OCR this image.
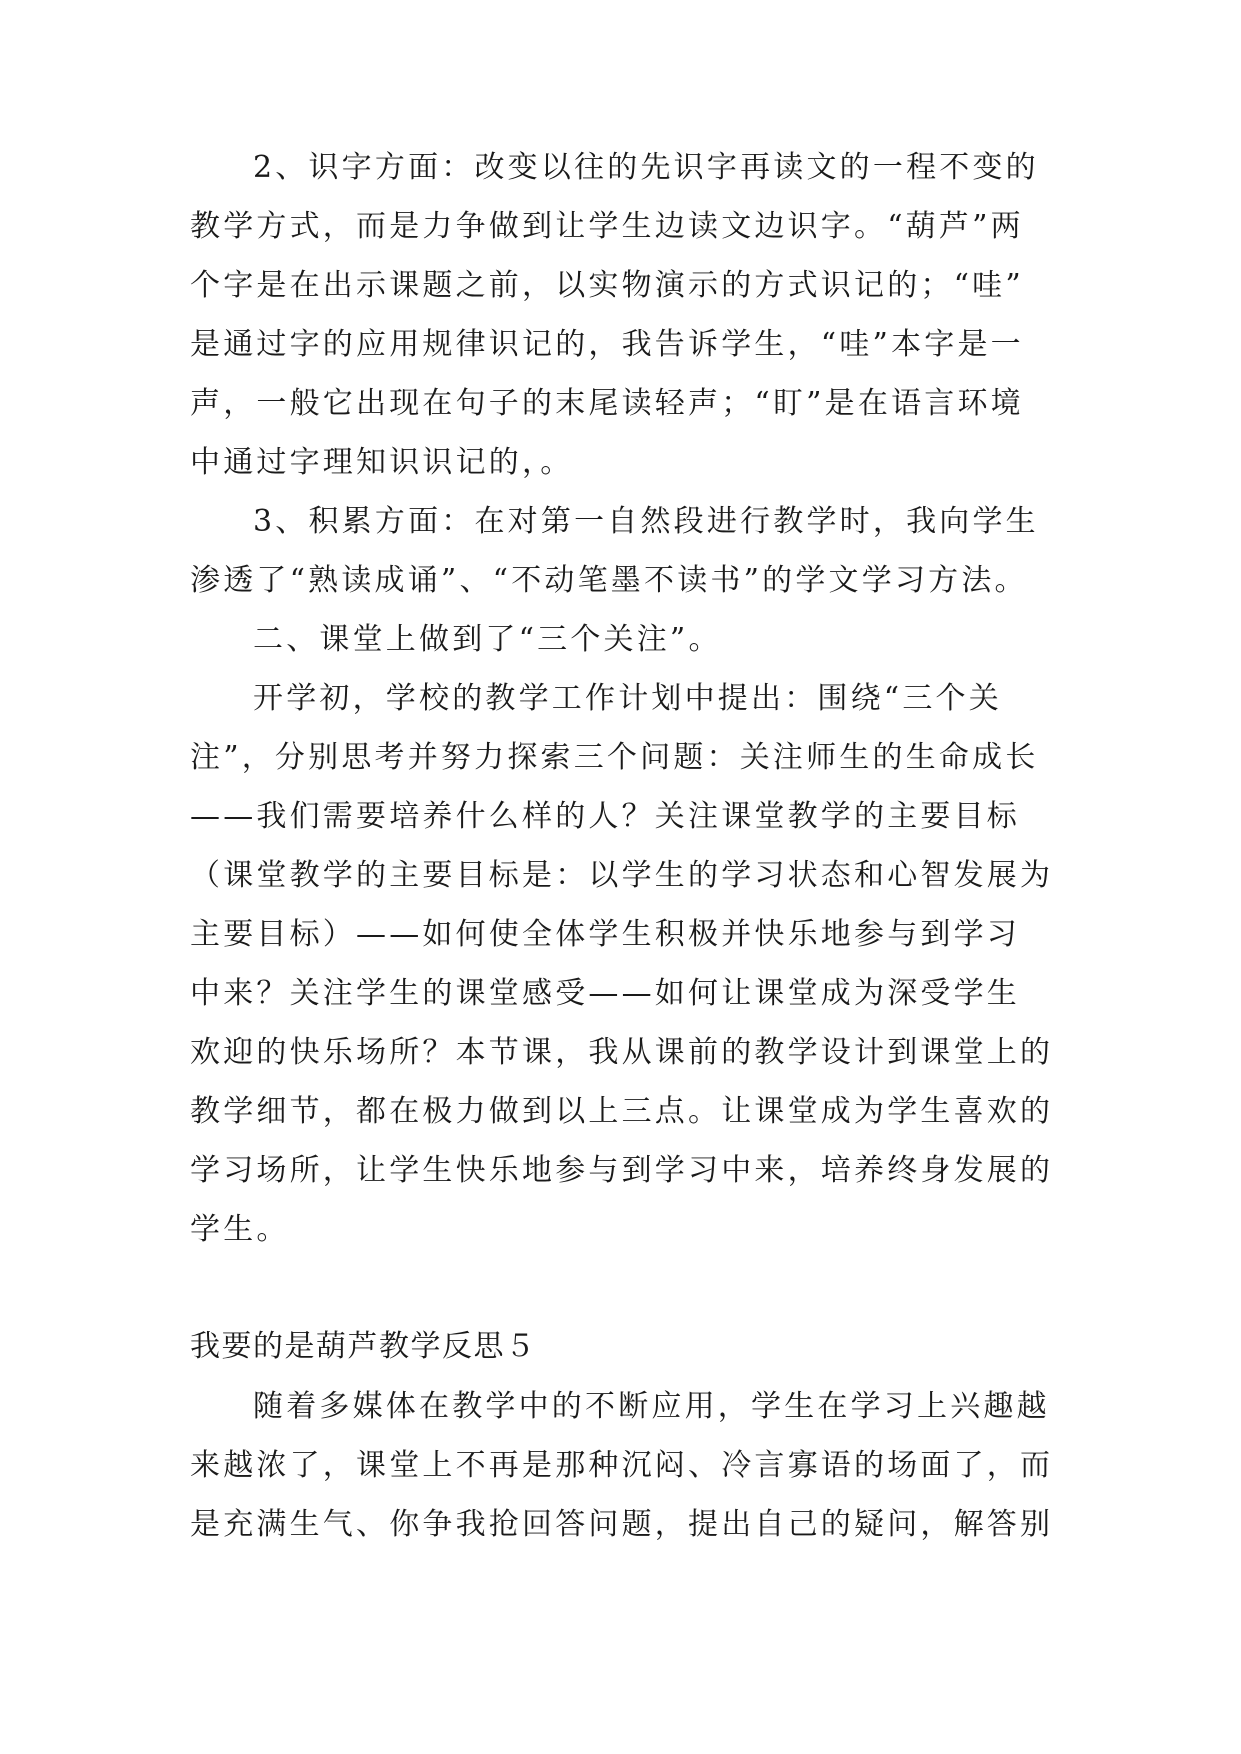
2、识字方面：改变以往的先识字再读文的一程不变的
教学方式，而是力争做到让学生边读文边识字。“葫芦”两
个字是在出示课题之前，以实物演示的方式识记的；“哇”
是通过字的应用规律识记的，我告诉学生，“哇”本字是一
声，一般它出现在句子的末尾读轻声；“盯”是在语言环境
中通过字理知识识记的，。
3、积累方面：在对第一自然段进行教学时，我向学生
渗透了“熟读成诵”、“不动笔墨不读书”的学文学习方法。
二、课堂上做到了“三个关注”。
开学初，学校的教学工作计划中提出：围绕“三个关
注”，分别思考并努力探索三个问题：关注师生的生命成长
——我们需要培养什么样的人？关注课堂教学的主要目标
（课堂教学的主要目标是：以学生的学习状态和心智发展为
主要目标）——如何使全体学生积极并快乐地参与到学习
中来？关注学生的课堂感受——如何让课堂成为深受学生
欢迎的快乐场所？本节课，我从课前的教学设计到课堂上的
教学细节，都在极力做到以上三点。让课堂成为学生喜欢的
学习场所，让学生快乐地参与到学习中来，培养终身发展的
学生。
我要的是葫芦教学反思５
随着多媒体在教学中的不断应用，学生在学习上兴趣越
来越浓了，课堂上不再是那种沉闷、冷言寡语的场面了，而
是充满生气、你争我抢回答问题，提出自己的疑问，解答别
